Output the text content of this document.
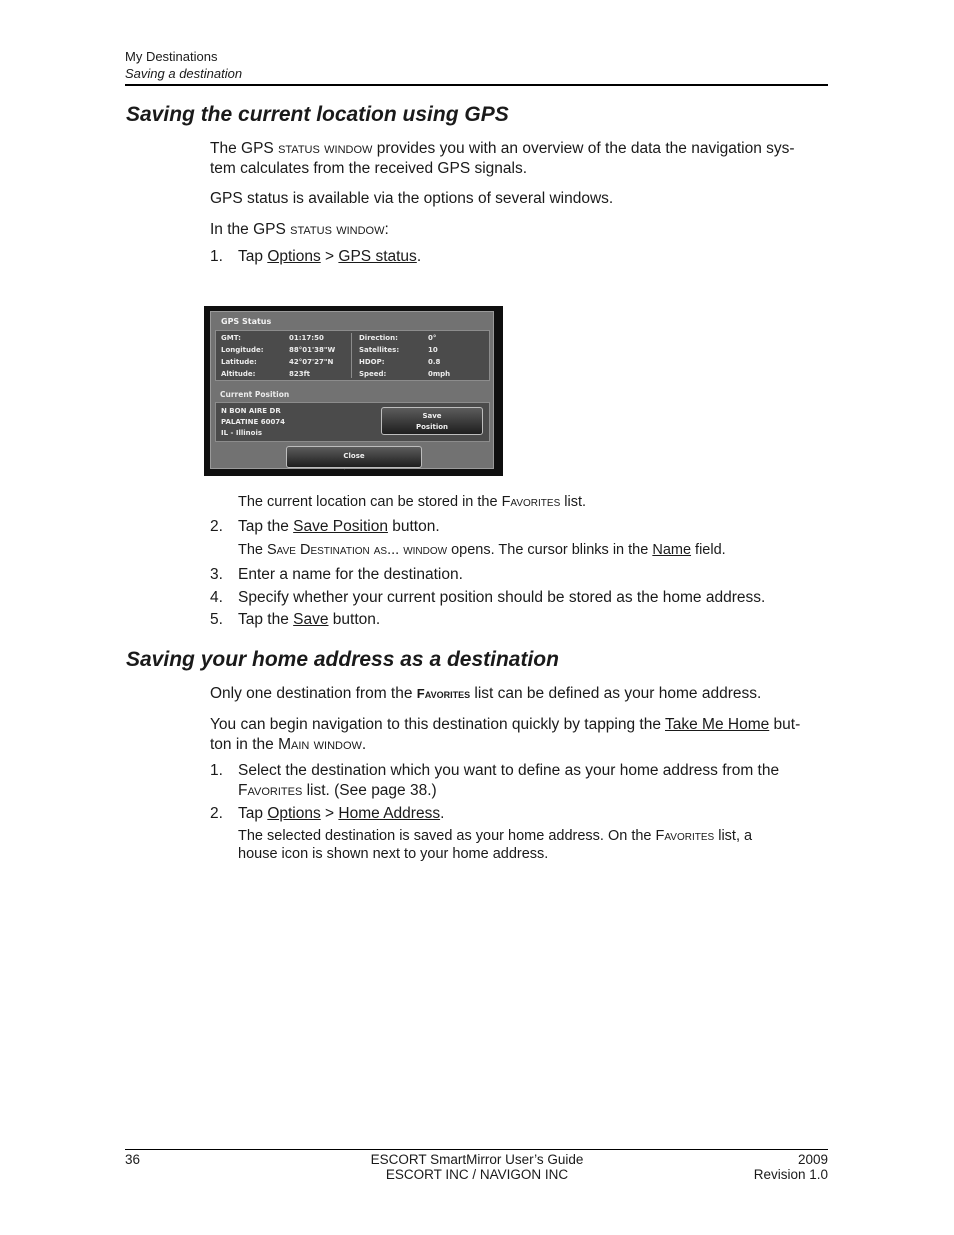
My Destinations
Saving a destination
Saving the current location using GPS

The GPS status window provides you with an overview of the data the navigation sys-
tem calculates from the received GPS signals.

GPS status is available via the options of several windows.

In the GPS status window:

1. Tap Options > GPS status.

GPS Status
GMT:	01:17:50
Longitude:	88°01'38"W
Latitude:	42°07'27"N
Altitude:	823ft
Direction:	0°
Satellites:	10
HDOP:	0.8
Speed:	0mph
Current Position
N BON AIRE DR
PALATINE 60074
IL - Illinois
Save
Position
Close

The current location can be stored in the Favorites list.

2. Tap the Save Position button.

The Save Destination as... window opens. The cursor blinks in the Name field.

3. Enter a name for the destination.

4. Specify whether your current position should be stored as the home address.

5. Tap the Save button.

Saving your home address as a destination

Only one destination from the Favorites list can be defined as your home address.

You can begin navigation to this destination quickly by tapping the Take Me Home but-
ton in the Main window.

1. Select the destination which you want to define as your home address from the
Favorites list. (See page 38.)

2. Tap Options > Home Address.

The selected destination is saved as your home address. On the Favorites list, a
house icon is shown next to your home address.

36	ESCORT SmartMirror User’s Guide
ESCORT INC / NAVIGON INC
2009
Revision 1.0
